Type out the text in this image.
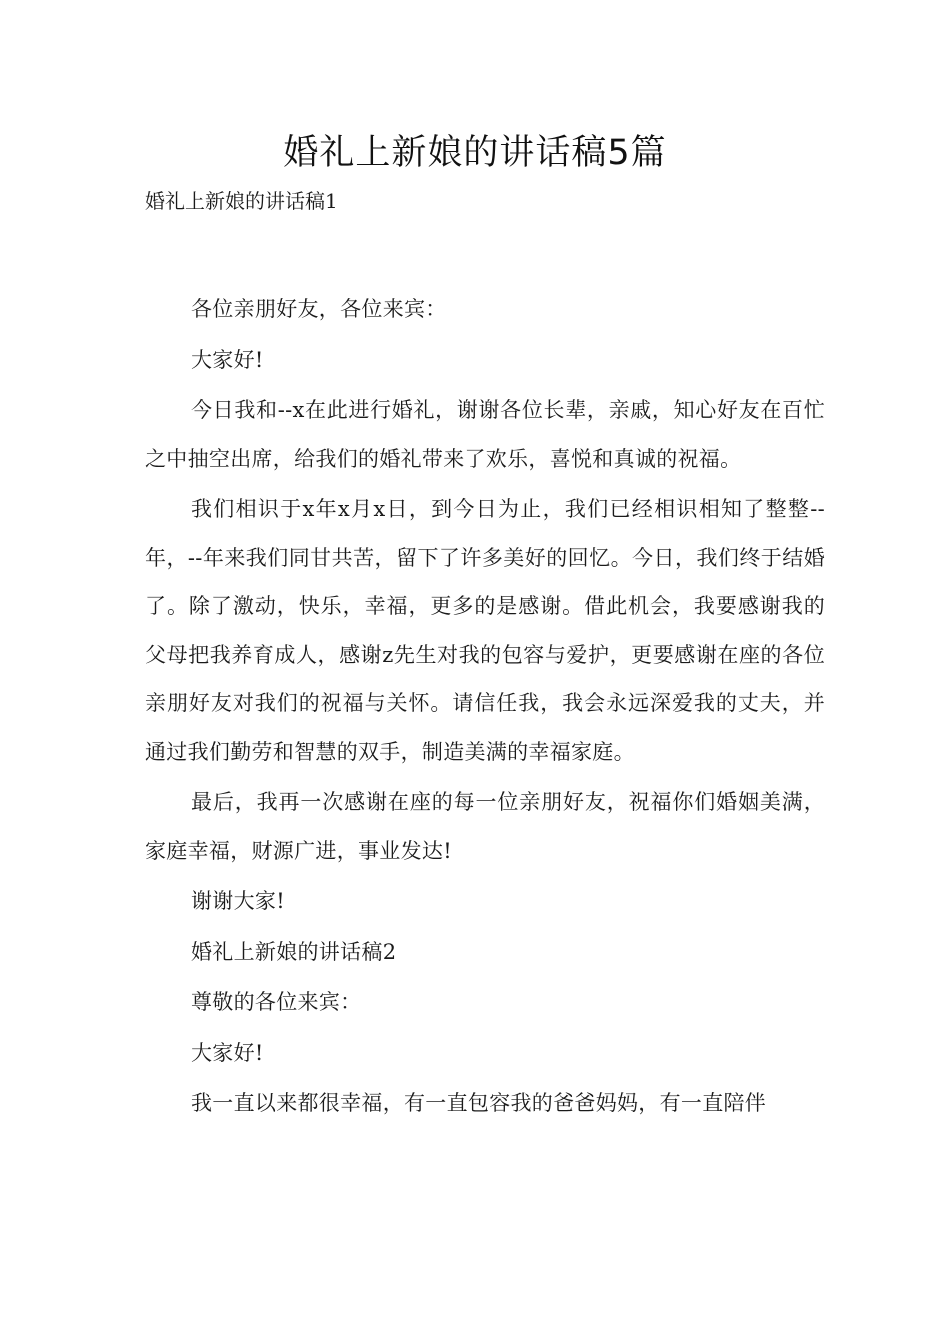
婚礼上新娘的讲话稿5篇

婚礼上新娘的讲话稿1

各位亲朋好友，各位来宾：

大家好!

今日我和--x在此进行婚礼，谢谢各位长辈，亲戚，知心好友在百忙之中抽空出席，给我们的婚礼带来了欢乐，喜悦和真诚的祝福。

我们相识于x年x月x日，到今日为止，我们已经相识相知了整整--年，--年来我们同甘共苦，留下了许多美好的回忆。今日，我们终于结婚了。除了激动，快乐，幸福，更多的是感谢。借此机会，我要感谢我的父母把我养育成人，感谢z先生对我的包容与爱护，更要感谢在座的各位亲朋好友对我们的祝福与关怀。请信任我，我会永远深爱我的丈夫，并通过我们勤劳和智慧的双手，制造美满的幸福家庭。

最后，我再一次感谢在座的每一位亲朋好友，祝福你们婚姻美满，家庭幸福，财源广进，事业发达!

谢谢大家!

婚礼上新娘的讲话稿2

尊敬的各位来宾：

大家好!

我一直以来都很幸福，有一直包容我的爸爸妈妈，有一直陪伴
